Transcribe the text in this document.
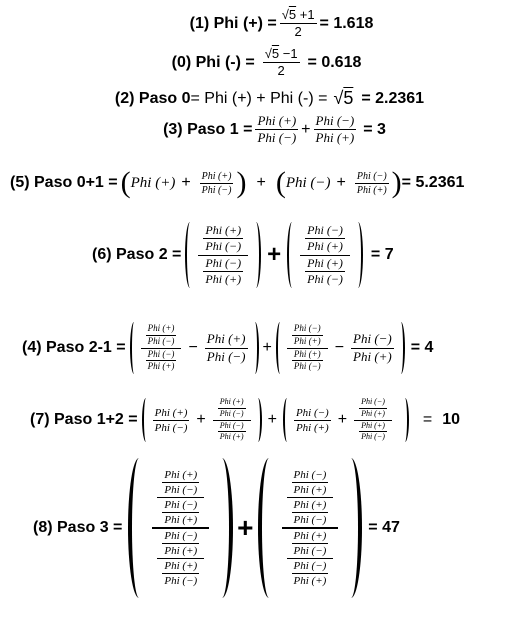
(1) Phi (+) = $\frac{√5 +1}{2} = 1.618$
(0) Phi (-) = $\frac{√5 -1}{2} = 0.618$
(2) Paso 0 = Phi (+) + Phi (-) = √5 = 2.2361
(3) Paso $1 = \frac{\text{Phi (+)}}{\text{Phi (−)}} + \frac{\text{Phi (−)}}{\text{Phi (+)}} = 3$
(5) Paso 0+1 = ( Phi (+) + $\frac{\text{Phi (+)}}{\text{Phi (−)}}$ ) + ( Phi (−) + $\frac{\text{Phi (−)}}{\text{Phi (+)}}$ ) = 5.2361
(6) Paso $2 = \frac{\frac{\text{Phi (+)}}{\text{Phi (−)}}}{\frac{\text{Phi (−)}}{\text{Phi (+)}}} + \frac{\frac{\text{Phi (−)}}{\text{Phi (+)}}}{\frac{\text{Phi (+)}}{\text{Phi (−)}}} = 7$
(4) Paso $2-1 = \frac{\frac{\text{Phi (+)}}{\text{Phi (−)}}}{\frac{\text{Phi (−)}}{\text{Phi (+)}}} - \frac{\text{Phi (+)}}{\text{Phi (−)}} + \frac{\frac{\text{Phi (−)}}{\text{Phi (+)}}}{\frac{\text{Phi (+)}}{\text{Phi (−)}}} - \frac{\text{Phi (−)}}{\text{Phi (+)}} = 4$
(7) Paso $1+2 = \frac{\text{Phi (+)}}{\text{Phi (−)}} + \frac{\frac{\text{Phi (+)}}{\text{Phi (−)}}}{\frac{\text{Phi (−)}}{\text{Phi (+)}}} + \frac{\text{Phi (−)}}{\text{Phi (+)}} + \frac{\frac{\text{Phi (−)}}{\text{Phi (+)}}}{\frac{\text{Phi (+)}}{\text{Phi (−)}}} = 10$
(8) Paso 3 =	$\frac{\frac{\frac{\text{Phi (+)}}{\text{Phi (−)}}}{\frac{\text{Phi (−)}}{\text{Phi (+)}}}}{\frac{\frac{\text{Phi (−)}}{\text{Phi (+)}}}{\frac{\text{Phi (+)}}{\text{Phi (−)}}}}$ +	$\frac{\frac{\frac{\text{Phi (−)}}{\text{Phi (+)}}}{\frac{\text{Phi (+)}}{\text{Phi (−)}}}}{\frac{\frac{\text{Phi (+)}}{\text{Phi (−)}}}{\frac{\text{Phi (−)}}{\text{Phi (+)}}}} = 47$
